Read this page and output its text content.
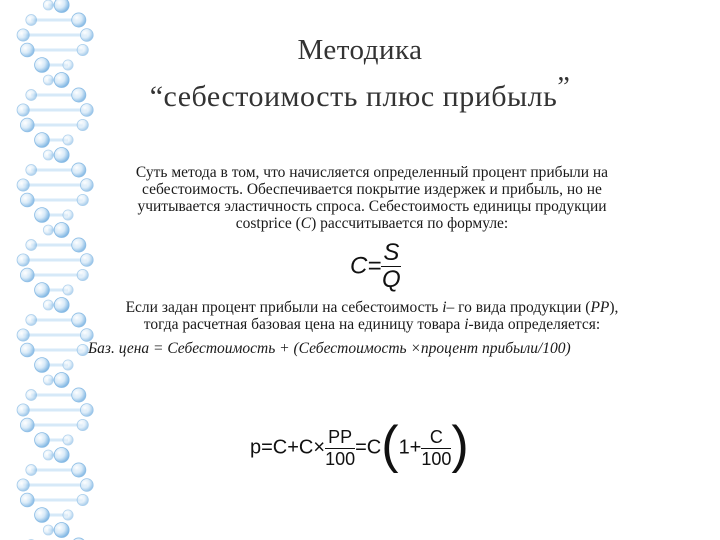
Методика
“себестоимость плюс прибыль”
Суть метода в том, что начисляется определенный процент прибыли на
себестоимость. Обеспечивается покрытие издержек и прибыль, но не
учитывается эластичность спроса. Себестоимость единицы продукции
costprice (C) рассчитывается по формуле:
$C= \frac{S}{Q}$
Если задан процент прибыли на себестоимость i– го вида продукции (PP),
тогда расчетная базовая цена на единицу товара i-вида определяется:
Баз. цена = Себестоимость + (Себестоимость ×процент прибыли/100)
$p=C+C\times \frac{PP}{100} =C(1+ \frac{C}{100}$ )
